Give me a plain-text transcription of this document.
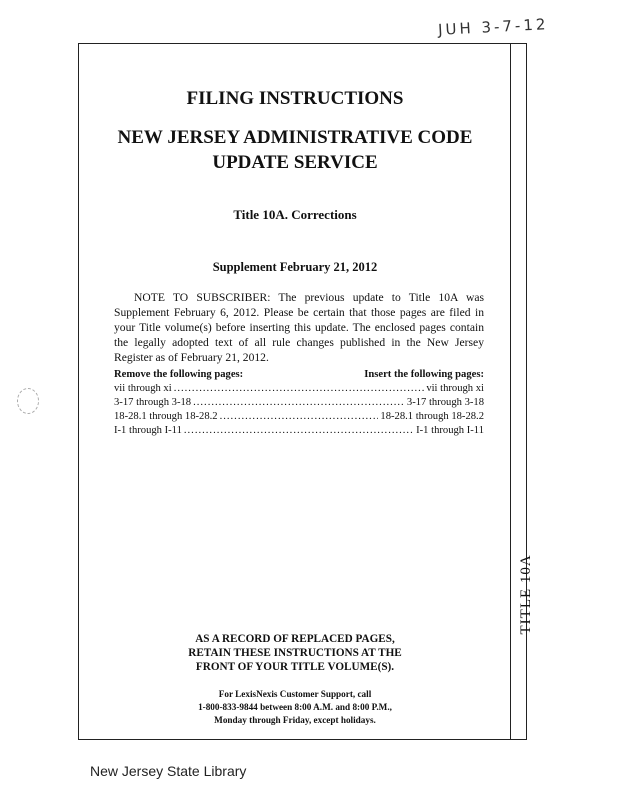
JUH 3-7-12
TITLE 10A
FILING INSTRUCTIONS
NEW JERSEY ADMINISTRATIVE CODE
UPDATE SERVICE
Title 10A. Corrections
Supplement February 21, 2012
NOTE TO SUBSCRIBER: The previous update to Title 10A was Supplement February 6, 2012. Please be certain that those pages are filed in your Title volume(s) before inserting this update. The enclosed pages contain the legally adopted text of all rule changes published in the New Jersey Register as of February 21, 2012.
Remove the following pages:	Insert the following pages:
vii through xi .....	vii through xi
3-17 through 3-18 .....	3-17 through 3-18
18-28.1 through 18-28.2 .....	18-28.1 through 18-28.2
I-1 through I-11 .....	I-1 through I-11
AS A RECORD OF REPLACED PAGES,
RETAIN THESE INSTRUCTIONS AT THE
FRONT OF YOUR TITLE VOLUME(S).
For LexisNexis Customer Support, call
1-800-833-9844 between 8:00 A.M. and 8:00 P.M.,
Monday through Friday, except holidays.
New Jersey State Library
